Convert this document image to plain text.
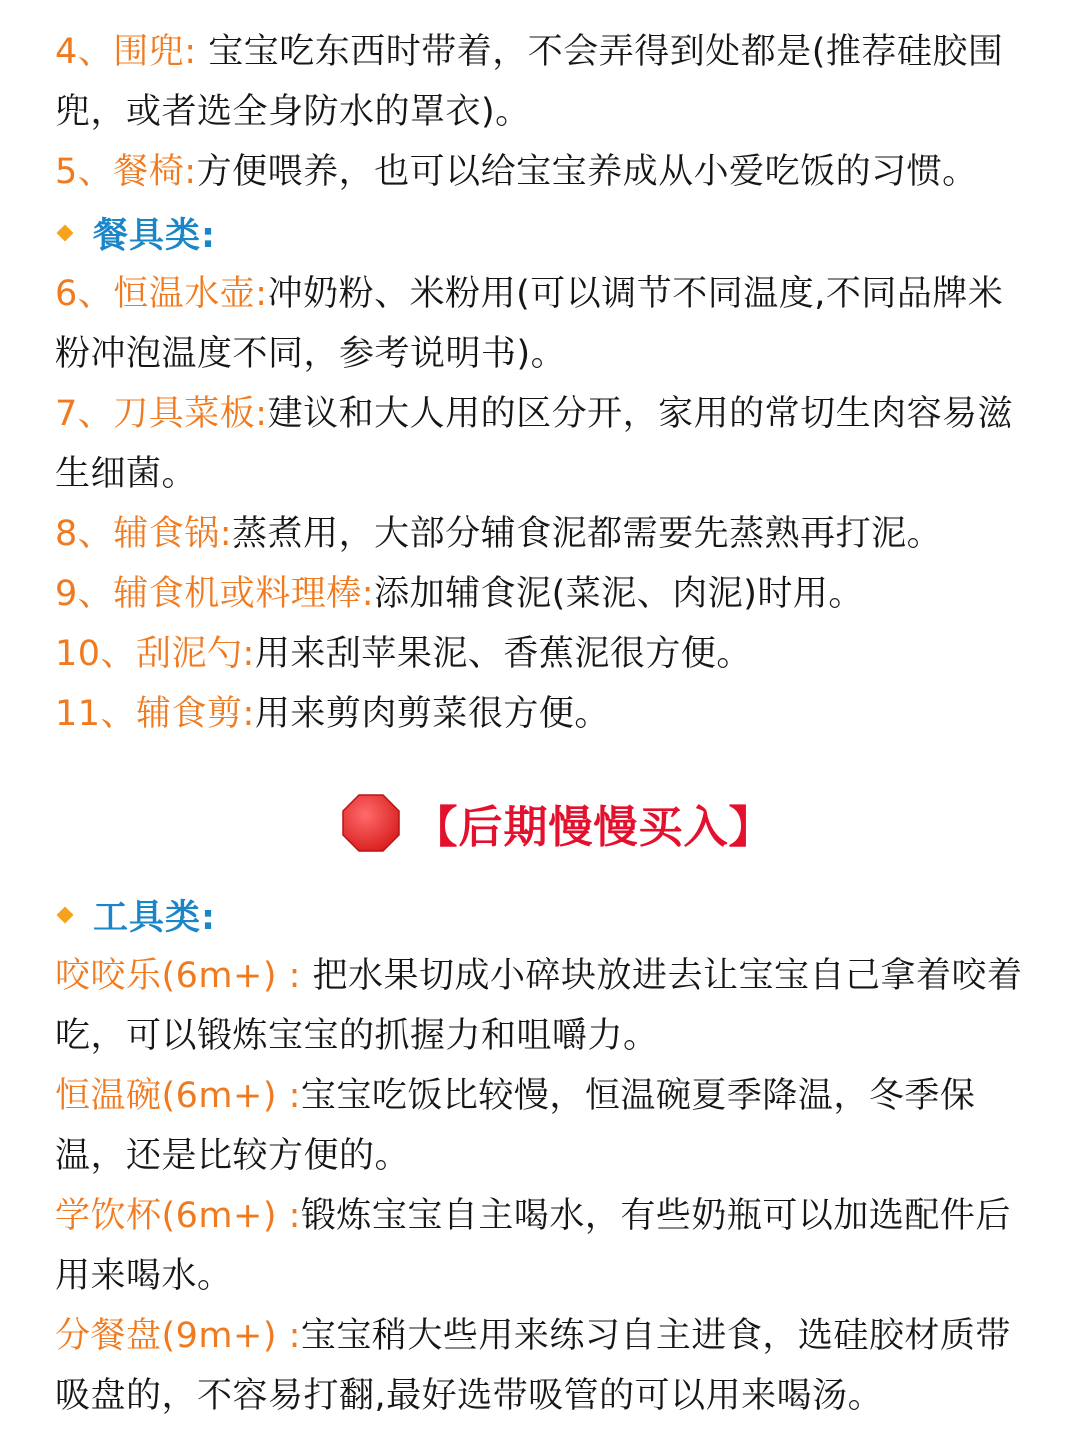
4、围兜: 宝宝吃东西时带着，不会弄得到处都是(推荐硅胶围兜，或者选全身防水的罩衣)。
5、餐椅:方便喂养，也可以给宝宝养成从小爱吃饭的习惯。
餐具类:
6、恒温水壶:冲奶粉、米粉用(可以调节不同温度,不同品牌米粉冲泡温度不同，参考说明书)。
7、刀具菜板:建议和大人用的区分开，家用的常切生肉容易滋生细菌。
8、辅食锅:蒸煮用，大部分辅食泥都需要先蒸熟再打泥。
9、辅食机或料理棒:添加辅食泥(菜泥、肉泥)时用。
10、刮泥勺:用来刮苹果泥、香蕉泥很方便。
11、辅食剪:用来剪肉剪菜很方便。
【后期慢慢买入】
工具类:
咬咬乐(6m+) : 把水果切成小碎块放进去让宝宝自己拿着咬着吃，可以锻炼宝宝的抓握力和咀嚼力。
恒温碗(6m+) :宝宝吃饭比较慢，恒温碗夏季降温，冬季保温，还是比较方便的。
学饮杯(6m+) :锻炼宝宝自主喝水，有些奶瓶可以加选配件后用来喝水。
分餐盘(9m+) :宝宝稍大些用来练习自主进食，选硅胶材质带吸盘的，不容易打翻,最好选带吸管的可以用来喝汤。
